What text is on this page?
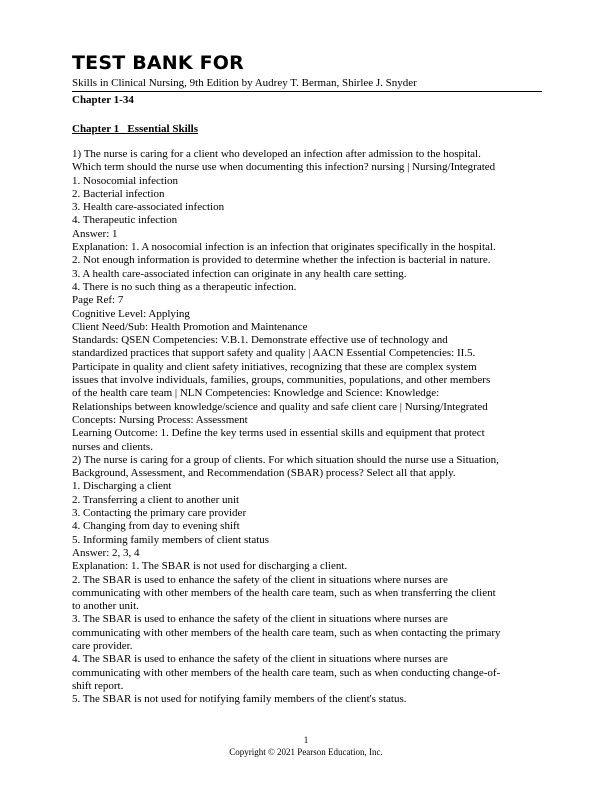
TEST BANK FOR
Skills in Clinical Nursing, 9th Edition by Audrey T. Berman, Shirlee J. Snyder
Chapter 1-34
Chapter 1   Essential Skills
1) The nurse is caring for a client who developed an infection after admission to the hospital.
Which term should the nurse use when documenting this infection? nursing | Nursing/Integrated
1. Nosocomial infection
2. Bacterial infection
3. Health care-associated infection
4. Therapeutic infection
Answer: 1
Explanation: 1. A nosocomial infection is an infection that originates specifically in the hospital.
2. Not enough information is provided to determine whether the infection is bacterial in nature.
3. A health care-associated infection can originate in any health care setting.
4. There is no such thing as a therapeutic infection.
Page Ref: 7
Cognitive Level: Applying
Client Need/Sub: Health Promotion and Maintenance
Standards: QSEN Competencies: V.B.1. Demonstrate effective use of technology and
standardized practices that support safety and quality | AACN Essential Competencies: II.5.
Participate in quality and client safety initiatives, recognizing that these are complex system
issues that involve individuals, families, groups, communities, populations, and other members
of the health care team | NLN Competencies: Knowledge and Science: Knowledge:
Relationships between knowledge/science and quality and safe client care | Nursing/Integrated
Concepts: Nursing Process: Assessment
Learning Outcome: 1. Define the key terms used in essential skills and equipment that protect
nurses and clients.
2) The nurse is caring for a group of clients. For which situation should the nurse use a Situation,
Background, Assessment, and Recommendation (SBAR) process? Select all that apply.
1. Discharging a client
2. Transferring a client to another unit
3. Contacting the primary care provider
4. Changing from day to evening shift
5. Informing family members of client status
Answer: 2, 3, 4
Explanation: 1. The SBAR is not used for discharging a client.
2. The SBAR is used to enhance the safety of the client in situations where nurses are
communicating with other members of the health care team, such as when transferring the client
to another unit.
3. The SBAR is used to enhance the safety of the client in situations where nurses are
communicating with other members of the health care team, such as when contacting the primary
care provider.
4. The SBAR is used to enhance the safety of the client in situations where nurses are
communicating with other members of the health care team, such as when conducting change-of-
shift report.
5. The SBAR is not used for notifying family members of the client's status.
1
Copyright © 2021 Pearson Education, Inc.
